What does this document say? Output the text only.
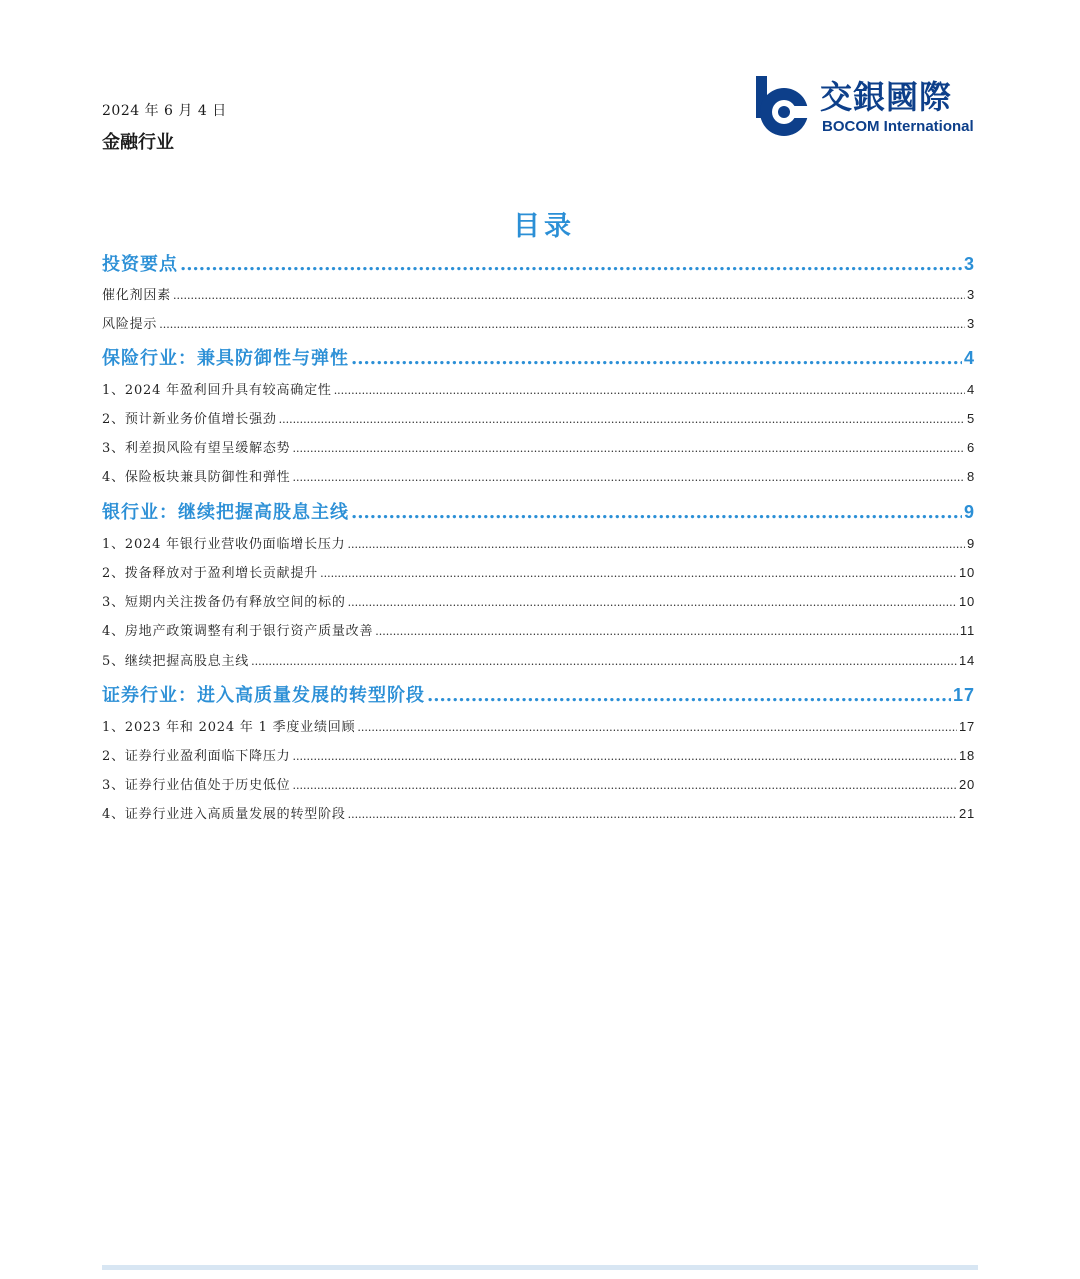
2024 年 6 月 4 日
金融行业
交銀國際
BOCOM International
目录
投资要点 .....	3
催化剂因素 .....	3
风险提示 .....	3
保险行业：兼具防御性与弹性 .....	4
1、2024 年盈利回升具有较高确定性 .....	4
2、预计新业务价值增长强劲 .....	5
3、利差损风险有望呈缓解态势 .....	6
4、保险板块兼具防御性和弹性 .....	8
银行业：继续把握高股息主线 .....	9
1、2024 年银行业营收仍面临增长压力 .....	9
2、拨备释放对于盈利增长贡献提升 .....	10
3、短期内关注拨备仍有释放空间的标的 .....	10
4、房地产政策调整有利于银行资产质量改善 .....	11
5、继续把握高股息主线 .....	14
证券行业：进入高质量发展的转型阶段 .....	17
1、2023 年和 2024 年 1 季度业绩回顾 .....	17
2、证券行业盈利面临下降压力 .....	18
3、证券行业估值处于历史低位 .....	20
4、证券行业进入高质量发展的转型阶段 .....	21
